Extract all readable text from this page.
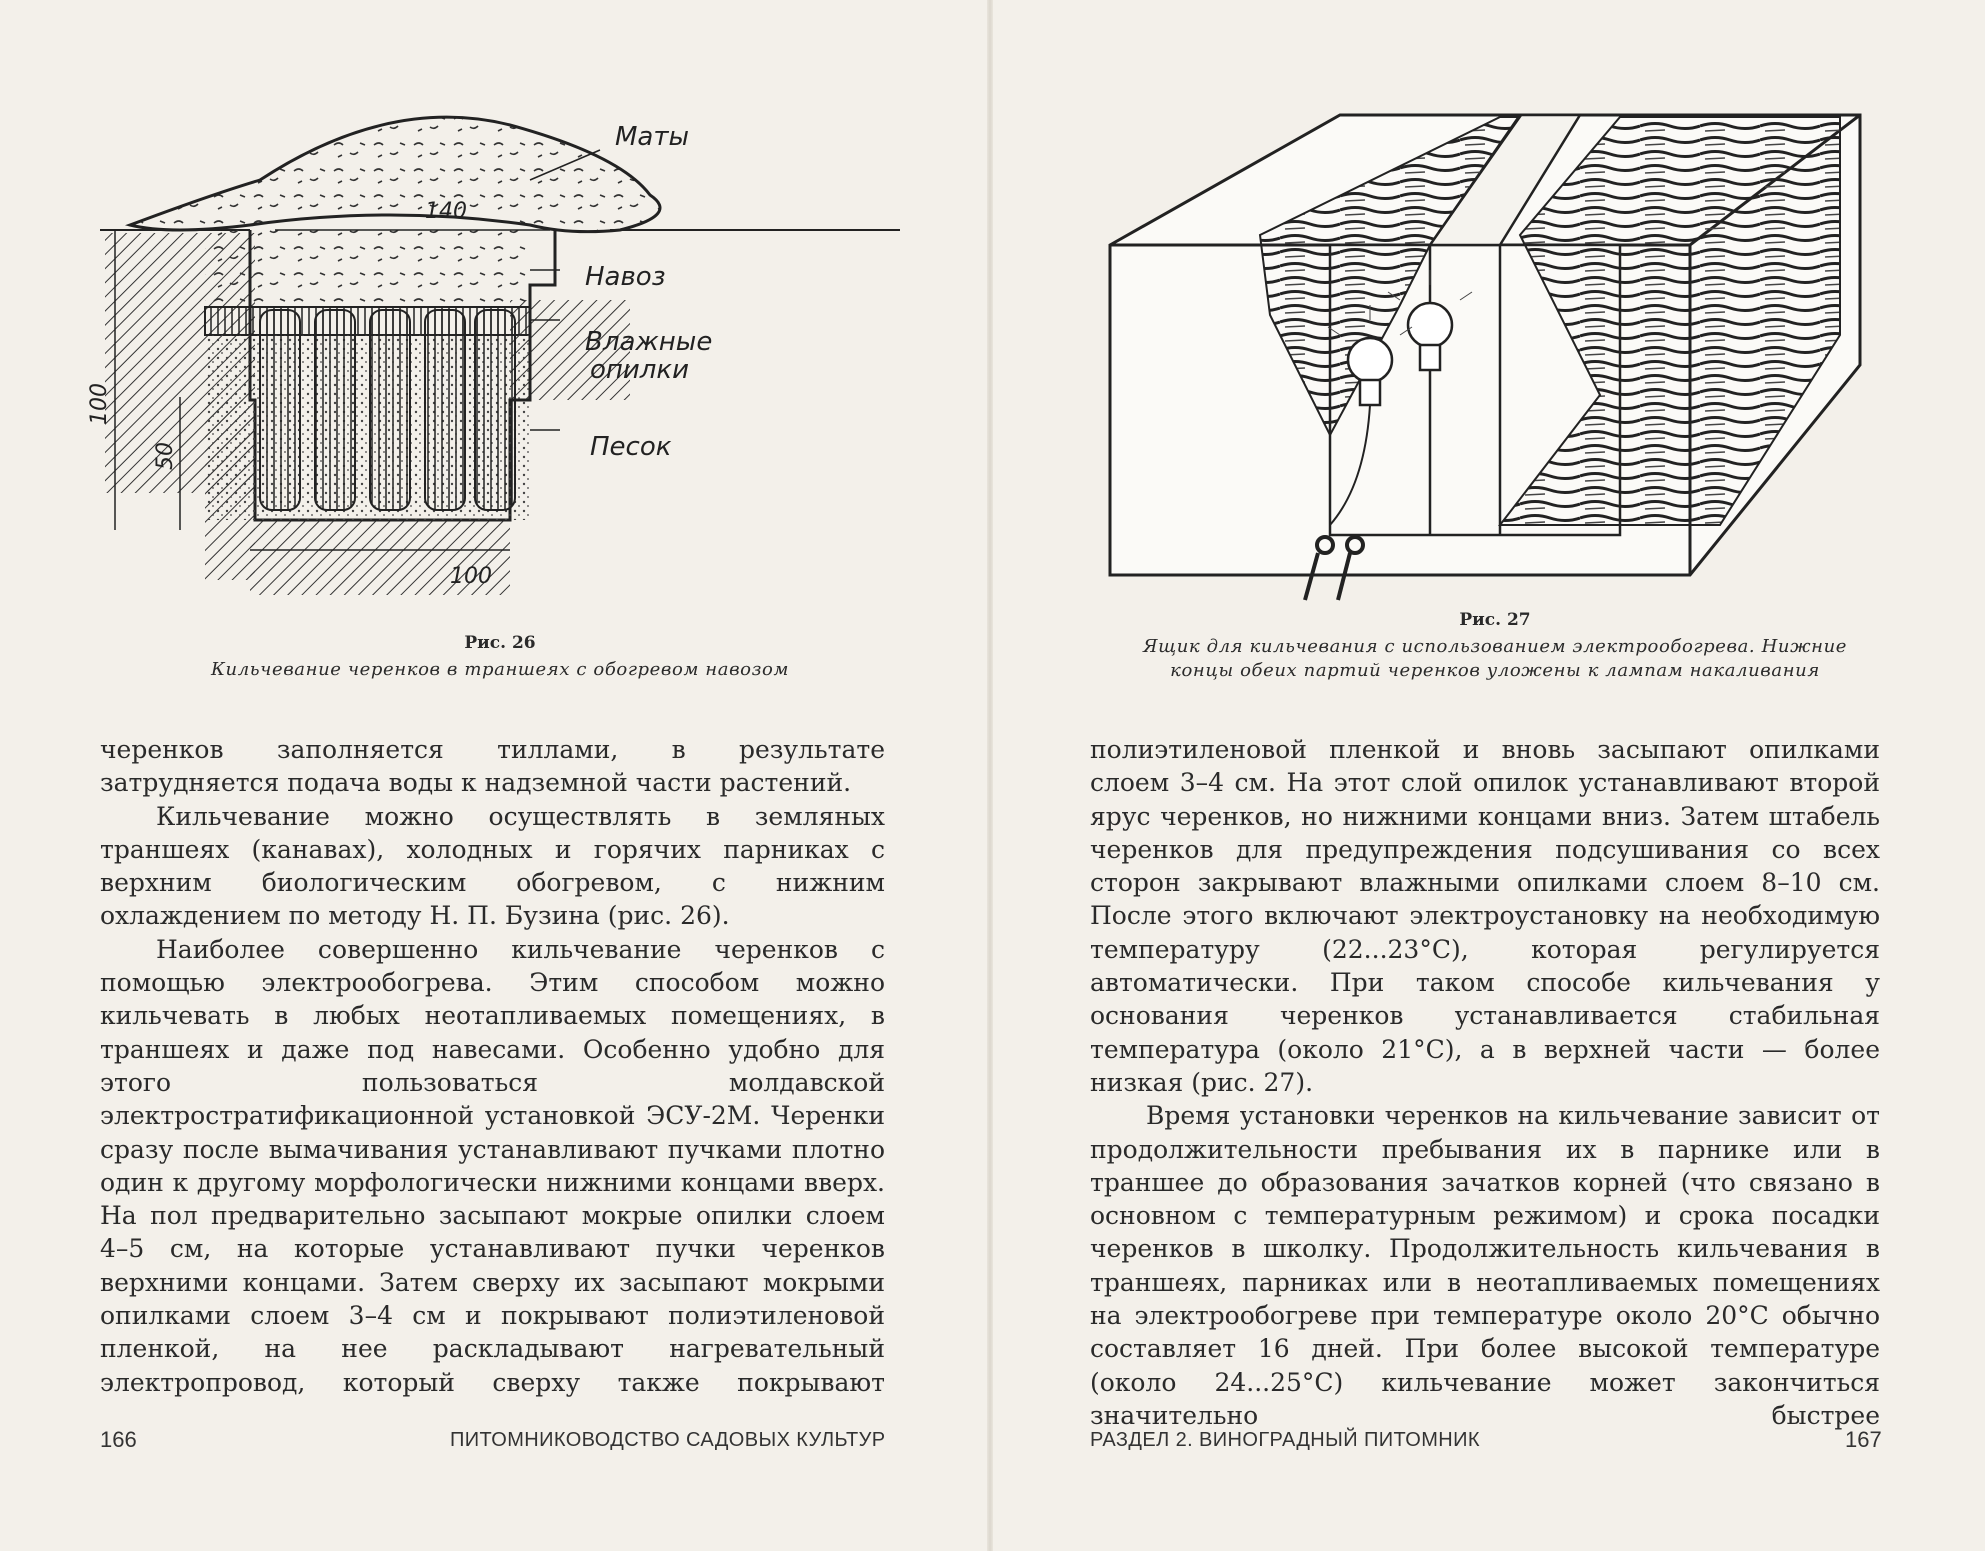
Маты
Навоз
Влажные
опилки
Песок
140
100
50
100
Рис. 26
Кильчевание черенков в траншеях с обогревом навозом

черенков заполняется тиллами, в результате затрудняется подача воды к надземной части растений.

Кильчевание можно осуществлять в земляных траншеях (канавах), холодных и горячих парниках с верхним биологическим обогревом, с нижним охлаждением по методу Н. П. Бузина (рис. 26).

Наиболее совершенно кильчевание черенков с помощью электрообогрева. Этим способом можно кильчевать в любых неотапливаемых помещениях, в траншеях и даже под навесами. Особенно удобно для этого пользоваться молдавской электростратификационной установкой ЭСУ-2М. Черенки сразу после вымачивания устанавливают пучками плотно один к другому морфологически нижними концами вверх. На пол предварительно засыпают мокрые опилки слоем 4–5 см, на которые устанавливают пучки черенков верхними концами. Затем сверху их засыпают мокрыми опилками слоем 3–4 см и покрывают полиэтиленовой пленкой, на нее раскладывают нагревательный электропровод, который сверху также покрывают

166	ПИТОМНИКОВОДСТВО САДОВЫХ КУЛЬТУР
Рис. 27
Ящик для кильчевания с использованием электрообогрева. Нижние
концы обеих партий черенков уложены к лампам накаливания

полиэтиленовой пленкой и вновь засыпают опилками слоем 3–4 см. На этот слой опилок устанавливают второй ярус черенков, но нижними концами вниз. Затем штабель черенков для предупреждения подсушивания со всех сторон закрывают влажными опилками слоем 8–10 см. После этого включают электроустановку на необходимую температуру (22...23°С), которая регулируется автоматически. При таком способе кильчевания у основания черенков устанавливается стабильная температура (около 21°С), а в верхней части — более низкая (рис. 27).

Время установки черенков на кильчевание зависит от продолжительности пребывания их в парнике или в траншее до образования зачатков корней (что связано в основном с температурным режимом) и срока посадки черенков в школку. Продолжительность кильчевания в траншеях, парниках или в неотапливаемых помещениях на электрообогреве при температуре около 20°С обычно составляет 16 дней. При более высокой температуре (около 24...25°С) кильчевание может закончиться значительно быстрее

РАЗДЕЛ 2. ВИНОГРАДНЫЙ ПИТОМНИК	167
